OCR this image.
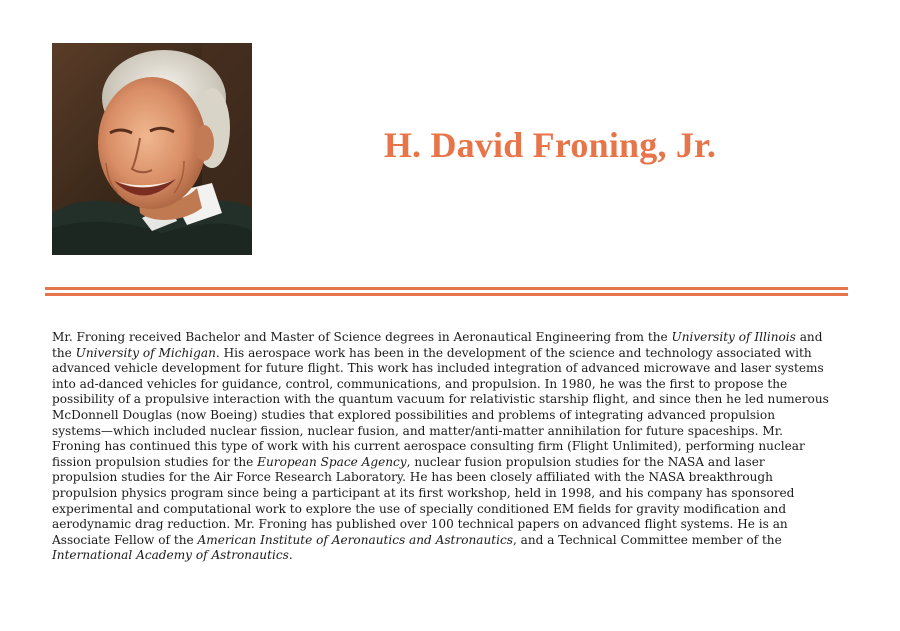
H. David Froning, Jr.
Mr. Froning received Bachelor and Master of Science degrees in Aeronautical Engineering from the University of Illinois and
the University of Michigan. His aerospace work has been in the development of the science and technology associated with
advanced vehicle development for future flight. This work has included integration of advanced microwave and laser systems
into ad-danced vehicles for guidance, control, communications, and propulsion. In 1980, he was the first to propose the
possibility of a propulsive interaction with the quantum vacuum for relativistic starship flight, and since then he led numerous
McDonnell Douglas (now Boeing) studies that explored possibilities and problems of integrating advanced propulsion
systems—which included nuclear fission, nuclear fusion, and matter/anti-matter annihilation for future spaceships. Mr.
Froning has continued this type of work with his current aerospace consulting firm (Flight Unlimited), performing nuclear
fission propulsion studies for the European Space Agency, nuclear fusion propulsion studies for the NASA and laser
propulsion studies for the Air Force Research Laboratory. He has been closely affiliated with the NASA breakthrough
propulsion physics program since being a participant at its first workshop, held in 1998, and his company has sponsored
experimental and computational work to explore the use of specially conditioned EM fields for gravity modification and
aerodynamic drag reduction. Mr. Froning has published over 100 technical papers on advanced flight systems. He is an
Associate Fellow of the American Institute of Aeronautics and Astronautics, and a Technical Committee member of the
International Academy of Astronautics.
